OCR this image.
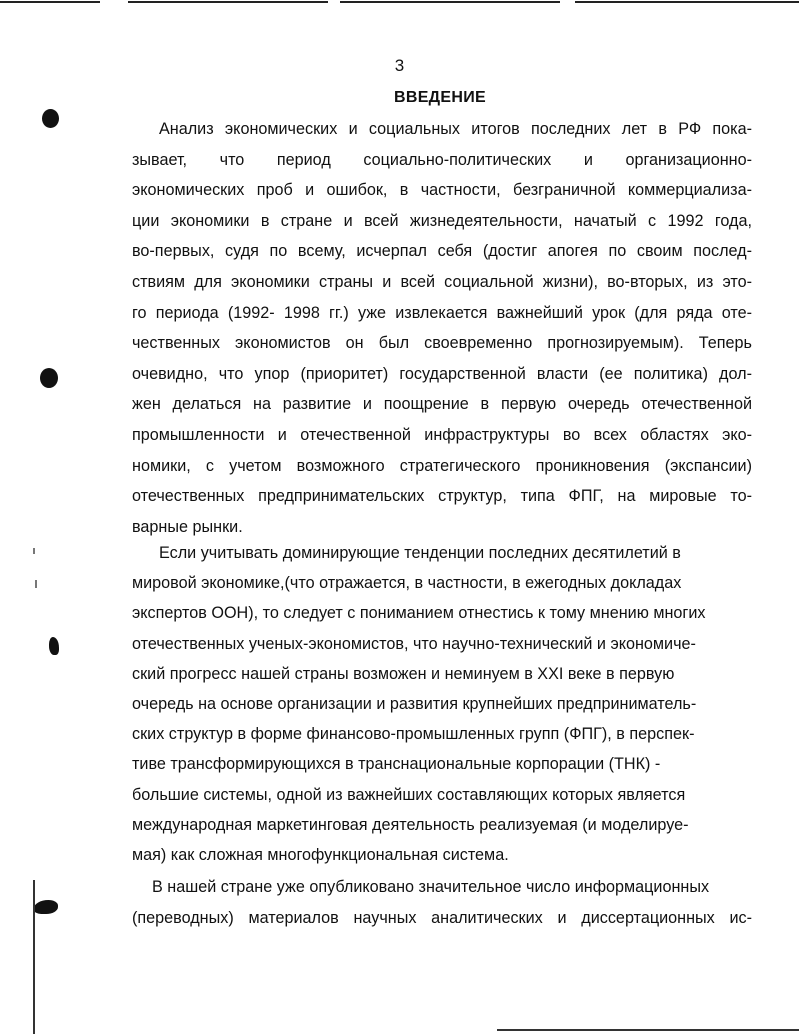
3
ВВЕДЕНИЕ
Анализ экономических и социальных итогов последних лет в РФ пока-
зывает, что период социально-политических и организационно-
экономических проб и ошибок, в частности, безграничной коммерциализа-
ции экономики в стране и всей жизнедеятельности, начатый с 1992 года,
во-первых, судя по всему, исчерпал себя (достиг апогея по своим послед-
ствиям для экономики страны и всей социальной жизни), во-вторых, из это-
го периода (1992- 1998 гг.) уже извлекается важнейший урок (для ряда оте-
чественных экономистов он был своевременно прогнозируемым). Теперь
очевидно, что упор (приоритет) государственной власти (ее политика) дол-
жен делаться на развитие и поощрение в первую очередь отечественной
промышленности и отечественной инфраструктуры во всех областях эко-
номики, с учетом возможного стратегического проникновения (экспансии)
отечественных предпринимательских структур, типа ФПГ, на мировые то-
варные рынки.
Если учитывать доминирующие тенденции последних десятилетий в
мировой экономике,(что отражается, в частности, в ежегодных докладах
экспертов ООН), то следует с пониманием отнестись к тому мнению многих
отечественных ученых-экономистов, что научно-технический и экономиче-
ский прогресс нашей страны возможен и неминуем в XXI веке в первую
очередь на основе организации и развития крупнейших предприниматель-
ских структур в форме финансово-промышленных групп (ФПГ), в перспек-
тиве трансформирующихся в транснациональные корпорации (ТНК) -
большие системы, одной из важнейших составляющих которых является
международная маркетинговая деятельность реализуемая (и моделируе-
мая) как сложная многофункциональная система.
В нашей стране уже опубликовано значительное число информационных
(переводных) материалов научных аналитических и диссертационных ис-
